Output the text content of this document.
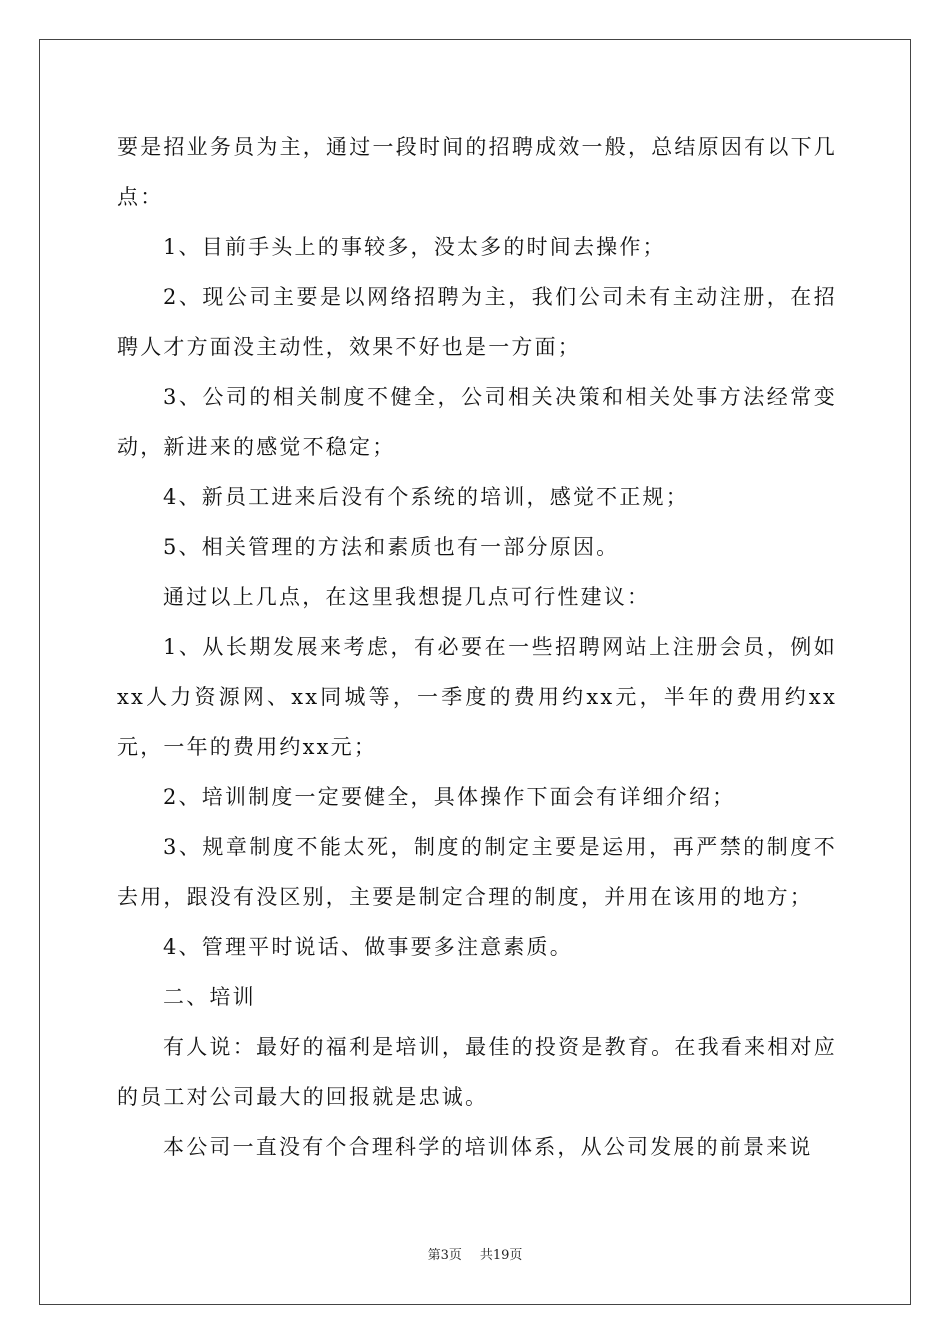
要是招业务员为主，通过一段时间的招聘成效一般，总结原因有以下几点：

1、目前手头上的事较多，没太多的时间去操作；

2、现公司主要是以网络招聘为主，我们公司未有主动注册，在招聘人才方面没主动性，效果不好也是一方面；

3、公司的相关制度不健全，公司相关决策和相关处事方法经常变动，新进来的感觉不稳定；

4、新员工进来后没有个系统的培训，感觉不正规；

5、相关管理的方法和素质也有一部分原因。

通过以上几点，在这里我想提几点可行性建议：

1、从长期发展来考虑，有必要在一些招聘网站上注册会员，例如xx人力资源网、xx同城等，一季度的费用约xx元，半年的费用约xx元，一年的费用约xx元；

2、培训制度一定要健全，具体操作下面会有详细介绍；

3、规章制度不能太死，制度的制定主要是运用，再严禁的制度不去用，跟没有没区别，主要是制定合理的制度，并用在该用的地方；

4、管理平时说话、做事要多注意素质。

二、培训

有人说：最好的福利是培训，最佳的投资是教育。在我看来相对应的员工对公司最大的回报就是忠诚。

本公司一直没有个合理科学的培训体系，从公司发展的前景来说

第3页 共19页
